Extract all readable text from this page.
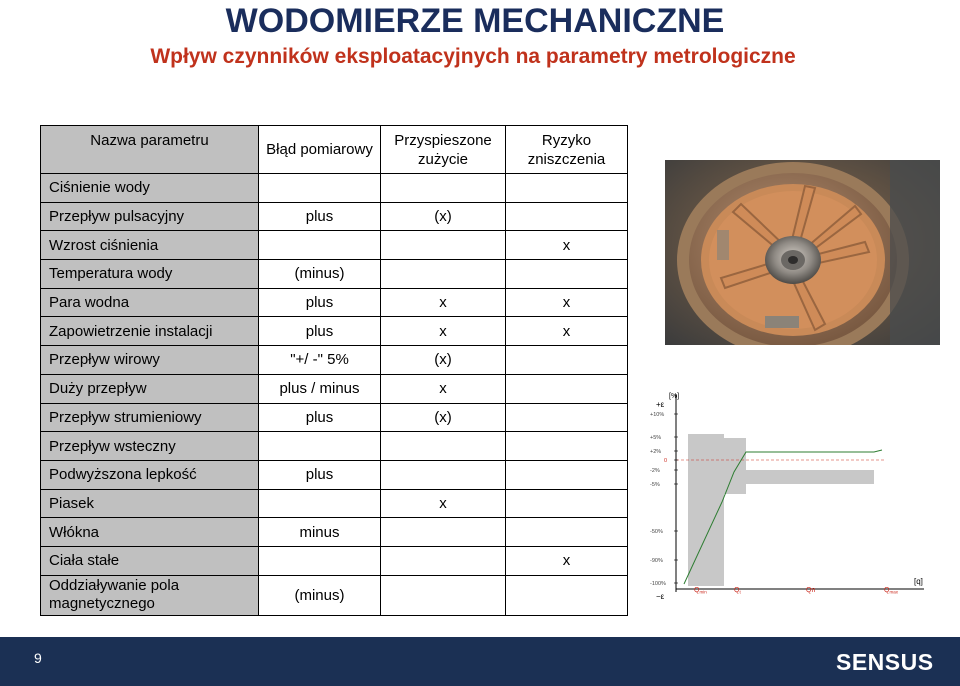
WODOMIERZE MECHANICZNE
Wpływ czynników eksploatacyjnych na parametry metrologiczne
Nazwa parametru	Błąd pomiarowy	Przyspieszone zużycie	Ryzyko zniszczenia
Ciśnienie wody			
Przepływ pulsacyjny	plus	(x)	
Wzrost ciśnienia			x
Temperatura wody	(minus)		
Para wodna	plus	x	x
Zapowietrzenie instalacji	plus	x	x
Przepływ wirowy	"+/ -" 5%	(x)	
Duży przepływ	plus / minus	x	
Przepływ strumieniowy	plus	(x)	
Przepływ wsteczny			
Podwyższona lepkość	plus		
Piasek		x	
Włókna	minus		
Ciała stałe			x
Oddziaływanie pola magnetycznego	(minus)		
+10%
+5%
+2%
0
-2%
-5%
-50%
-90%
-100%
$Q_{min}$	$Q_t$	Qn	$Q_{max}$
[%]
+ε
−ε
[q]
9	SENSUS
